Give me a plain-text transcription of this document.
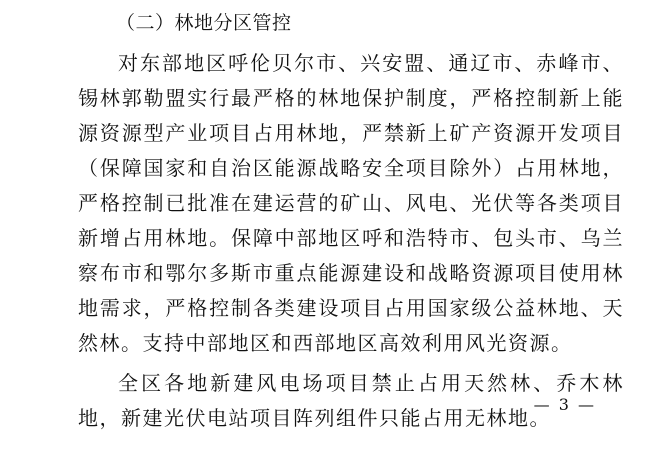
（二）林地分区管控

对东部地区呼伦贝尔市、兴安盟、通辽市、赤峰市、锡林郭勒盟实行最严格的林地保护制度，严格控制新上能源资源型产业项目占用林地，严禁新上矿产资源开发项目（保障国家和自治区能源战略安全项目除外）占用林地，严格控制已批准在建运营的矿山、风电、光伏等各类项目新增占用林地。保障中部地区呼和浩特市、包头市、乌兰察布市和鄂尔多斯市重点能源建设和战略资源项目使用林地需求，严格控制各类建设项目占用国家级公益林地、天然林。支持中部地区和西部地区高效利用风光资源。

全区各地新建风电场项目禁止占用天然林、乔木林地，新建光伏电站项目阵列组件只能占用无林地。

— 3 —
